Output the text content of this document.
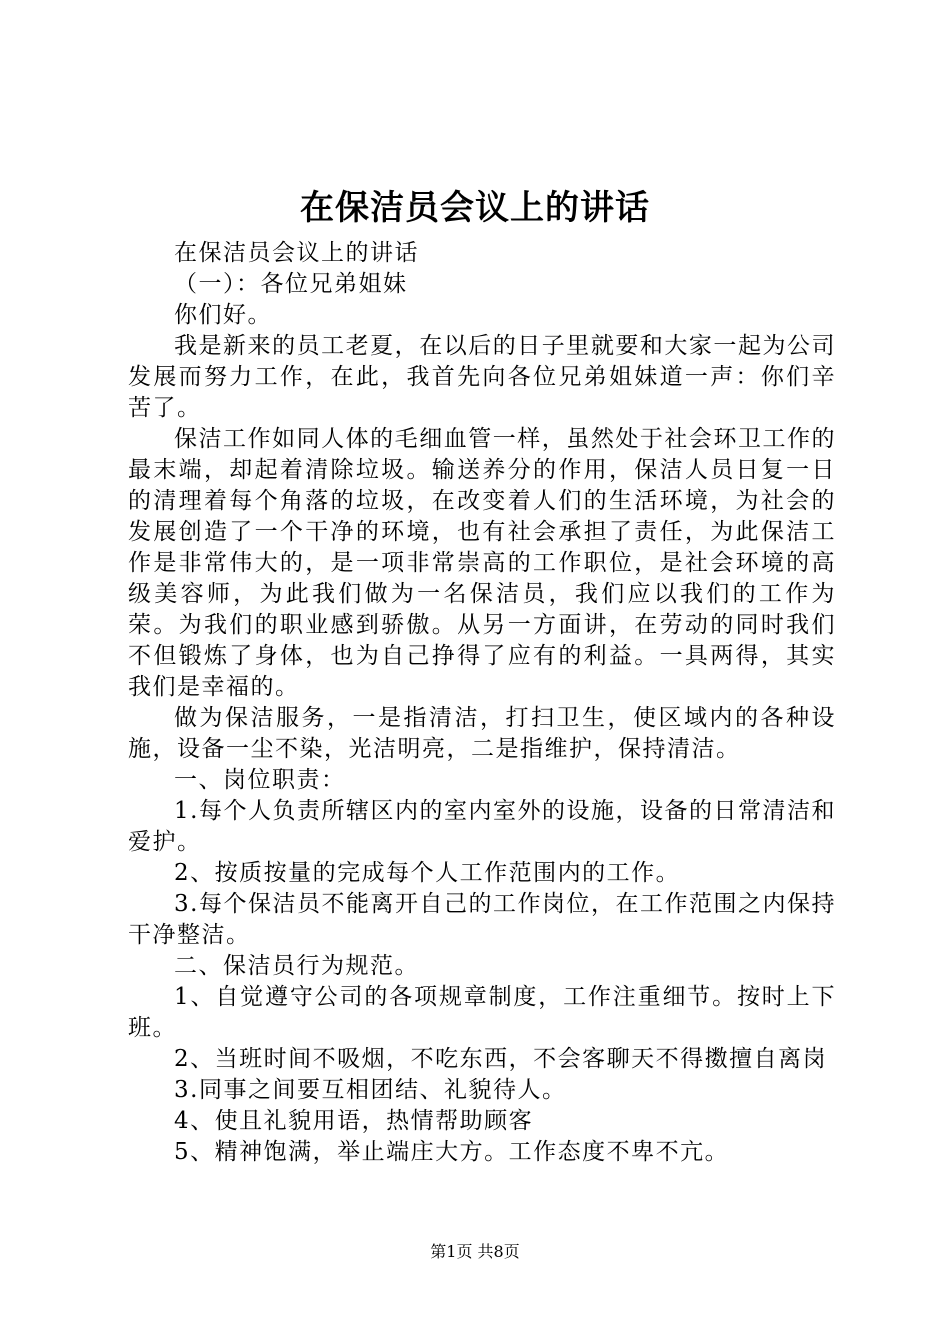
在保洁员会议上的讲话

在保洁员会议上的讲话

（一）：各位兄弟姐妹

你们好。

我是新来的员工老夏，在以后的日子里就要和大家一起为公司发展而努力工作，在此，我首先向各位兄弟姐妹道一声：你们辛苦了。

保洁工作如同人体的毛细血管一样，虽然处于社会环卫工作的最末端，却起着清除垃圾。输送养分的作用，保洁人员日复一日的清理着每个角落的垃圾，在改变着人们的生活环境，为社会的发展创造了一个干净的环境，也有社会承担了责任，为此保洁工作是非常伟大的，是一项非常崇高的工作职位，是社会环境的高级美容师，为此我们做为一名保洁员，我们应以我们的工作为荣。为我们的职业感到骄傲。从另一方面讲，在劳动的同时我们不但锻炼了身体，也为自己挣得了应有的利益。一具两得，其实我们是幸福的。

做为保洁服务，一是指清洁，打扫卫生，使区域内的各种设施，设备一尘不染，光洁明亮，二是指维护，保持清洁。

一、岗位职责：

1.每个人负责所辖区内的室内室外的设施，设备的日常清洁和爱护。

2、按质按量的完成每个人工作范围内的工作。

3.每个保洁员不能离开自己的工作岗位，在工作范围之内保持干净整洁。

二、保洁员行为规范。

1、自觉遵守公司的各项规章制度，工作注重细节。按时上下班。

2、当班时间不吸烟，不吃东西，不会客聊天不得擞擅自离岗

3.同事之间要互相团结、礼貌待人。

4、使且礼貌用语，热情帮助顾客

5、精神饱满，举止端庄大方。工作态度不卑不亢。

第1页 共8页
